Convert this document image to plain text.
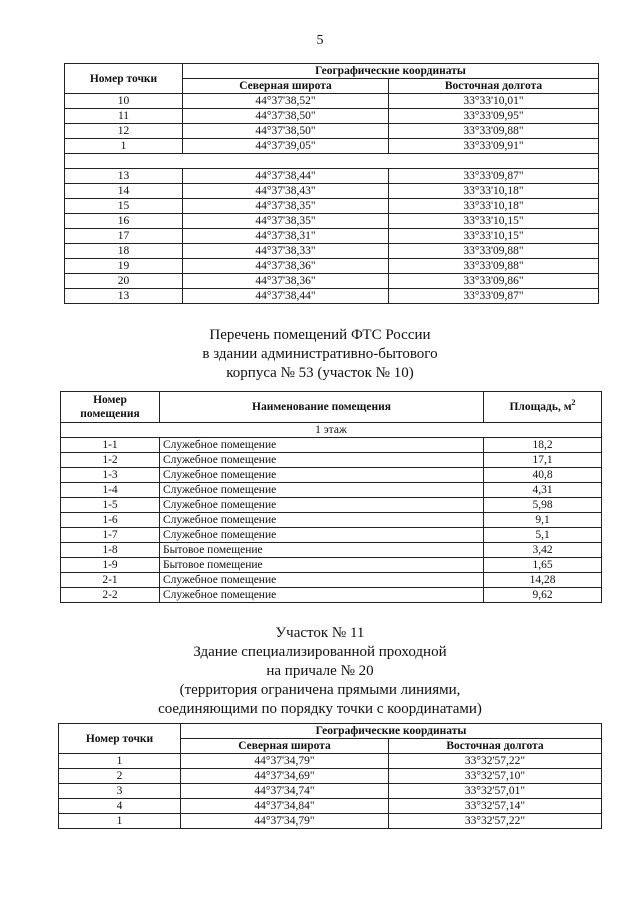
5
Номер точки	Географические координаты	
	Северная широта	Восточная долгота
10	44°37'38,52"	33°33'10,01"
11	44°37'38,50"	33°33'09,95"
12	44°37'38,50"	33°33'09,88"
1	44°37'39,05"	33°33'09,91"

13	44°37'38,44"	33°33'09,87"
14	44°37'38,43"	33°33'10,18"
15	44°37'38,35"	33°33'10,18"
16	44°37'38,35"	33°33'10,15"
17	44°37'38,31"	33°33'10,15"
18	44°37'38,33"	33°33'09,88"
19	44°37'38,36"	33°33'09,88"
20	44°37'38,36"	33°33'09,86"
13	44°37'38,44"	33°33'09,87"
Перечень помещений ФТС России
в здании административно-бытового
корпуса № 53 (участок № 10)
Номер
помещения	Наименование помещения	Площадь, $м^2$
1 этаж		
1-1	Служебное помещение	18,2
1-2	Служебное помещение	17,1
1-3	Служебное помещение	40,8
1-4	Служебное помещение	4,31
1-5	Служебное помещение	5,98
1-6	Служебное помещение	9,1
1-7	Служебное помещение	5,1
1-8	Бытовое помещение	3,42
1-9	Бытовое помещение	1,65
2-1	Служебное помещение	14,28
2-2	Служебное помещение	9,62
Участок № 11
Здание специализированной проходной
на причале № 20
(территория ограничена прямыми линиями,
соединяющими по порядку точки с координатами)
Номер точки	Географические координаты	
	Северная широта	Восточная долгота
1	44°37'34,79"	33°32'57,22"
2	44°37'34,69"	33°32'57,10"
3	44°37'34,74"	33°32'57,01"
4	44°37'34,84"	33°32'57,14"
1	44°37'34,79"	33°32'57,22"
